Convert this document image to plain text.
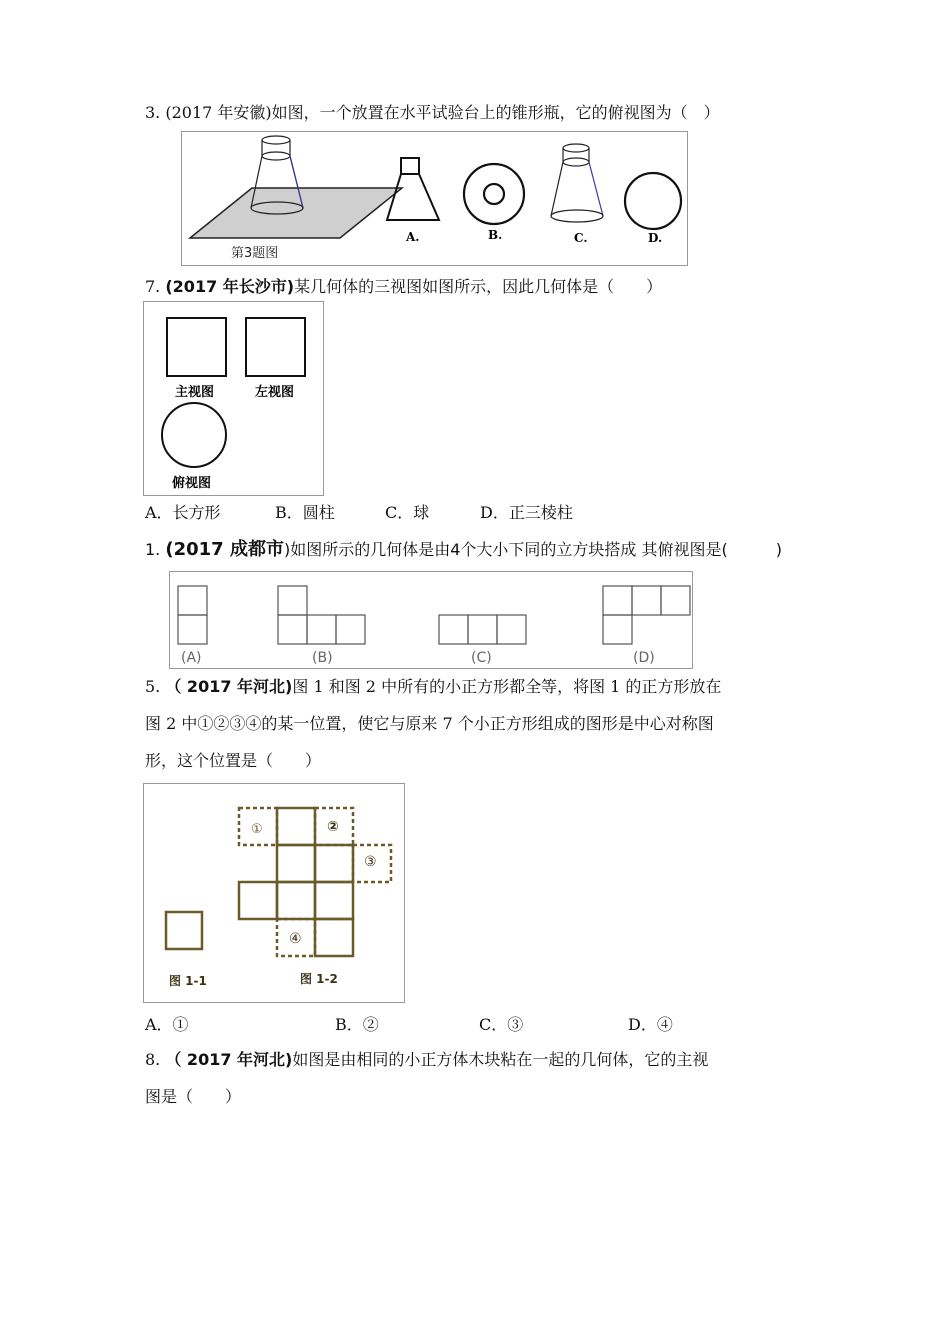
3. (2017 年安徽)如图，一个放置在水平试验台上的锥形瓶，它的俯视图为（　）
第3题图
A.	B.	C.	D.
7. (2017 年长沙市)某几何体的三视图如图所示，因此几何体是（　　）
主视图	左视图
俯视图
A．长方形	B．圆柱	C．球	D．正三棱柱
1. (2017 成都市)如图所示的几何体是由4个大小下同的立方块搭成 其俯视图是(　　　)
(A)	(B)	(C)	(D)
5. （ 2017 年河北)图 1 和图 2 中所有的小正方形都全等，将图 1 的正方形放在
图 2 中①②③④的某一位置，使它与原来 7 个小正方形组成的图形是中心对称图
形，这个位置是（　　）
①	②
③
④
图 1-1	图 1-2
A．①	B．②	C．③	D．④
8. （ 2017 年河北)如图是由相同的小正方体木块粘在一起的几何体，它的主视
图是（　　）
